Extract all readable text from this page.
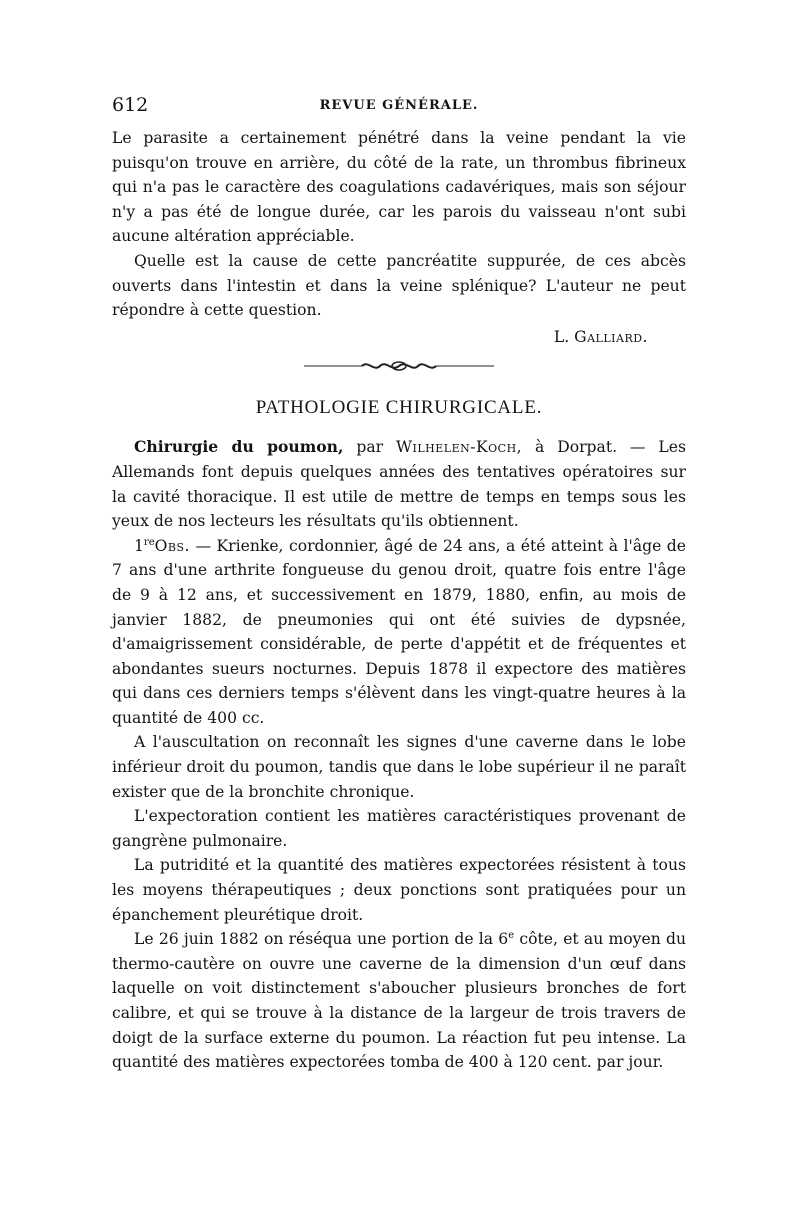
612	REVUE GÉNÉRALE.

Le parasite a certainement pénétré dans la veine pendant la vie puisqu'on trouve en arrière, du côté de la rate, un thrombus fibrineux qui n'a pas le caractère des coagulations cadavériques, mais son séjour n'y a pas été de longue durée, car les parois du vaisseau n'ont subi aucune altération appréciable.

Quelle est la cause de cette pancréatite suppurée, de ces abcès ouverts dans l'intestin et dans la veine splénique? L'auteur ne peut répondre à cette question.

L. Galliard.
PATHOLOGIE CHIRURGICALE.

Chirurgie du poumon, par Wilhelen-Koch, à Dorpat. — Les Allemands font depuis quelques années des tentatives opératoires sur la cavité thoracique. Il est utile de mettre de temps en temps sous les yeux de nos lecteurs les résultats qu'ils obtiennent.

1reObs. — Krienke, cordonnier, âgé de 24 ans, a été atteint à l'âge de 7 ans d'une arthrite fongueuse du genou droit, quatre fois entre l'âge de 9 à 12 ans, et successivement en 1879, 1880, enfin, au mois de janvier 1882, de pneumonies qui ont été suivies de dypsnée, d'amaigrissement considérable, de perte d'appétit et de fréquentes et abondantes sueurs nocturnes. Depuis 1878 il expectore des matières qui dans ces derniers temps s'élèvent dans les vingt-quatre heures à la quantité de 400 cc.

A l'auscultation on reconnaît les signes d'une caverne dans le lobe inférieur droit du poumon, tandis que dans le lobe supérieur il ne paraît exister que de la bronchite chronique.

L'expectoration contient les matières caractéristiques provenant de gangrène pulmonaire.

La putridité et la quantité des matières expectorées résistent à tous les moyens thérapeutiques ; deux ponctions sont pratiquées pour un épanchement pleurétique droit.

Le 26 juin 1882 on réséqua une portion de la 6e côte, et au moyen du thermo-cautère on ouvre une caverne de la dimension d'un œuf dans laquelle on voit distinctement s'aboucher plusieurs bronches de fort calibre, et qui se trouve à la distance de la largeur de trois travers de doigt de la surface externe du poumon. La réaction fut peu intense. La quantité des matières expectorées tomba de 400 à 120 cent. par jour.
